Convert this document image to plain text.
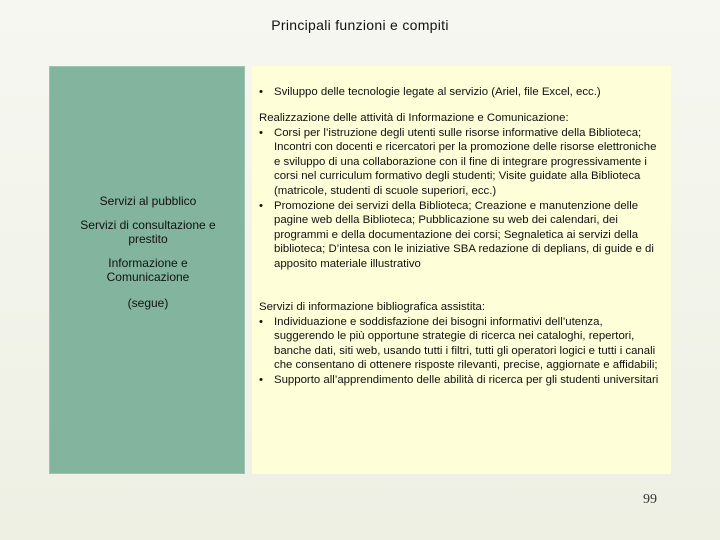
Principali funzioni e compiti
Servizi al pubblico
Servizi di consultazione e prestito
Informazione e Comunicazione
(segue)

• Sviluppo delle tecnologie legate al servizio (Ariel, file Excel, ecc.)

Realizzazione delle attività di Informazione e Comunicazione:

• Corsi per l’istruzione degli utenti sulle risorse informative della Biblioteca; Incontri con docenti e ricercatori per la promozione delle risorse elettroniche e sviluppo di una collaborazione con il fine di integrare progressivamente i corsi nel curriculum formativo degli studenti; Visite guidate alla Biblioteca (matricole, studenti di scuole superiori, ecc.)

• Promozione dei servizi della Biblioteca; Creazione e manutenzione delle pagine web della Biblioteca; Pubblicazione su web dei calendari, dei programmi e della documentazione dei corsi; Segnaletica ai servizi della biblioteca; D’intesa con le iniziative SBA redazione di deplians, di guide e di apposito materiale illustrativo

Servizi di informazione bibliografica assistita:

• Individuazione e soddisfazione dei bisogni informativi dell’utenza, suggerendo le più opportune strategie di ricerca nei cataloghi, repertori, banche dati, siti web, usando tutti i filtri, tutti gli operatori logici e tutti i canali che consentano di ottenere risposte rilevanti, precise, aggiornate e affidabili;

• Supporto all’apprendimento delle abilità di ricerca per gli studenti universitari

99
